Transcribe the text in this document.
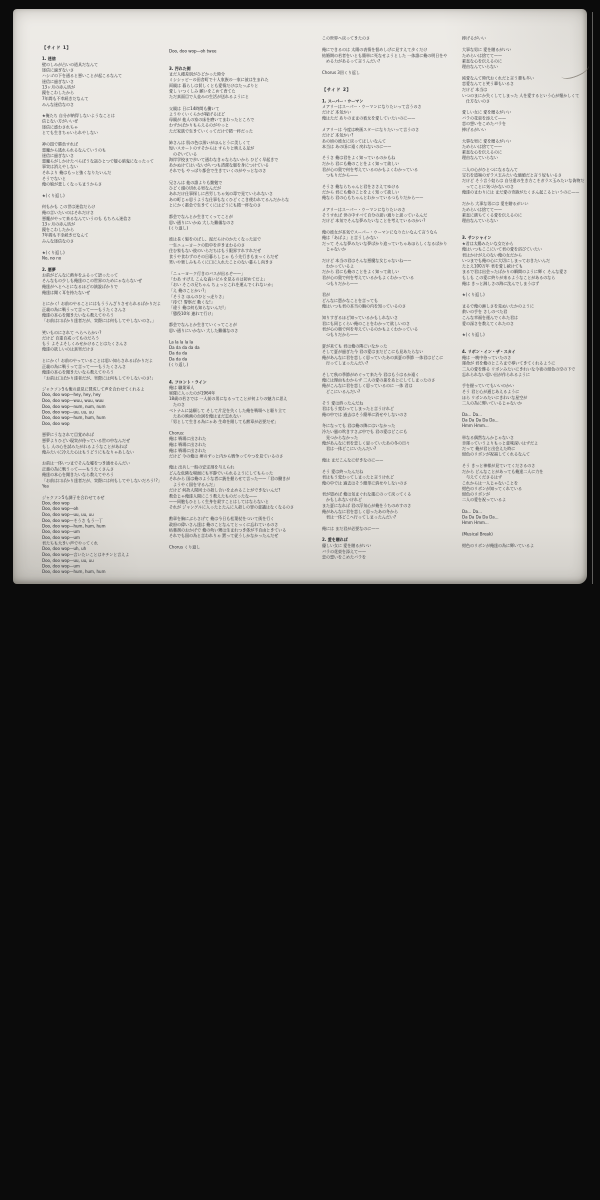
【サイド 1】

1. 迷信
壁のしみが占いの道具だなんて
迷信に過ぎないさ
ハシゴの下を通ると悪いことが起こるなんて
迷信に過ぎないさ
13ヶ月の赤ん坊が
鏡をこわしたから
7年間も不幸続きだなんて
みんな迷信なのさ

★俺たち 自分が納得しないようなことは
信じない方がいいぜ
迷信に惑わされちゃ
とても生きちゃいられやしない

神の国で勝負すれば
悪魔から逃れられるなんていうのも
迷信に過ぎないさ
悪魔らがしかけたべらぼうな話ひとつで疑心暗鬼になったって
事実は消えやしない
それより 俺はもっと強くなりたいんだ
そうでないと
俺の娘が悲しくなっちまうからさ

★(くり返し)

何もかも この世は迷信だらけ
俺の言いたいのはそれだけさ
悪魔がやって来るなんていうのも もちろん迷信さ
13ヶ月の赤ん坊が
鏡をこわしたから
7年間も不幸続きだなんて
みんな迷信なのさ

★(くり返し)
No, no no

2. 悪夢
お前がどんなに熱弁をふるって語ったって
そんなもの少しも俺達のこの世界のためにゃならないぜ
俺達がへとへとになるほどの演説ばかりで
俺達は聞く耳を持たないぜ

とにかく! お前のやることにはもううんざりさせられるばかりだよ
正義の為に戦うって言って——もうたくさんさ
俺達の本心を聞きたいなら教えてやろう
「お前は口ばかり達者だが、実際には何もしてやしないのさ。」

笑いものにされて へらへらかい?
だけど 自重自戒ってものだろう
もう よそよそしくみせかけることはたくさんさ
俺達の欲しいのは真実だけさ

とにかく! お前のやっていることは思い知らされるばかりだよ
正義の為に戦うって言って——もうたくさんさ
俺達の本心を聞きたいなら教えてやろう
「お前は口ばかり達者だが、実際には何もしてやしないのさ!」

ジャクソン5も俺の意見に賛成して声を合わせてくれるよ
Doo, doo wop—hey, hey, hey
Doo, doo wop—wuu, wuu, wuu
Doo, doo wop—num, num, num
Doo, doo wop—uu, uu, uu
Doo, doo wop—hum, hum, hum
Doo, doo wop

悪夢にうなされて目覚めれば
悪夢よりひどい現実が待っている世の中なんだぜ
もし 人の心を試みたがれるようなことがあれば
俺みたいに冷えた心はもうどうにもなりゃあしない

お前は一体いつまでそんな嘘をつき通せるんだい
正義の為に戦うって——もうたくさんさ
俺達の本心を聞きたいなら教えてやろう
「お前は口ばかり達者だが、実際には何もしてやしないだろう!?」
Yea

ジャクソン5も調子を合わせてるぜ
Doo, doo wop
Doo, doo wop—oh
Doo, doo wop—uu, uu, uu
Doo, doo wop—そうさ もう一丁
Doo, doo wop—hum, hum, hum
Doo, doo wop—um
Doo, doo wop—um
君たちも大きい声でやってくれ
Doo, doo wop—uh, uh
Doo, doo wop—言いたいことはキチンと言えよ
Doo, doo wop—uu, uu, uu
Doo, doo wop—um
Doo, doo wop—hum, hum, hum
Doo, doo wop—oh twee

3. 汚れた街
まだ人種差別がひどかった時分
ミシシッピーの田舎町で十人家族の一家に彼は生まれた
両親は 暮らしは貧しくとも愛情だけはたっぷりと
愛し いつくしみ 願いをこめて育てた
ただ真面目で人並みの生活が送れるようにと

父親は 日に14時間も働いて
ようやくいくらかが稼げるほど
母親が 他人の家の床を磨いてまわったところで
わずかばかりもらえるのがやっと
ただ家族で生きていくってだけで精一杯だった

姉さんは 肌の色は黒いがほんとうに美しくて
短いスカートのすそからは すらりと映える足が
　のぞいている
海岸学校まで歩いて通わなきゃならないから ひどく早起きで
あかぬけてはいないがいつも清潔な服を身につけている
それでも やっぱり都会で生きていくのがやっとなのさ

兄さんは 他の誰よりも勤勉で
ひどく頭の切れる男なんだが
あれだけ仕事探しに苦労しちゃ気の毒で見ていられないさ
あの町じゃ思うような仕事もなくひどくこき使われてるんだからな
とにかく都会で生きてくにはどうにも精一杯なのさ

都会でなんとか生きてくってことが
思い通りにいかぬ 大した難儀なのさ
(くり返し)

彼は長く髪をのばし、泥だらけのかたくなった足で
一生ニューヨークの街中を歩きまわるのさ
住む家もない彼のいらだちはもう限界すれすれだぜ
食うや食わずのその日暮らしじゃ もう先行きもまっくらだぜ
笑いや楽しみもろくに口に入れたことのない暮らし向きさ

「ニューヨーク行きのバスが出るぞ——」
「わあ すげえ こんな高いビルを見るのは初めてだよ」
「おい そこの兄ちゃん ちょっとこれを運んでくれないか」
「え 俺のことかい?」
「そうさ ほんのひとっ走りさ」
「待て! 警察だ 動くな!」
「違う 俺は何も知らないんだ!」
「懲役10年 連れて行け」

都会でなんとか生きていくってことが
思い通りにいかない 大した難儀なのさ

La la la la la
Da da da da da
Da da da
Da da da
(くり返し)

4. フロント・ライン
俺は 職業軍人
軍隊に入ったのが1964年
18歳の若さでは 一人前の男になるってことが何よりの魅力に思え
　たのさ
ベトナムに誌願して そして片足を失くした俺を戦場へと駆り立て
　たあの映画の台詞を俺はまだ忘れない
「男として生きる為にゃあ 生命を賭しても勲章が必要だぜ」

Chorus:
俺は 戦場に出された
俺は 戦場に出された
俺は 戦場に出された
だけど 今の俺は 塀のずっと内から戦争ってやつを見ているのさ

俺は 出兵し一般の安定剤を与えられ
どんな危険な場面にも平静でいられるようにしてもらった
それから 国は俺のような者に銃を握らせて言った——「君の働きが
　ようやく国を守るんだ」
だけど 何故人間同士の殺し合いを止めることができないんだ?
教会じゃ俺達人間にこう教えたものだったな——
——同胞もひとしく生身を殺すことはしてはならないと
それが ジャングルに入ったとたんに人殺しの罪の意識はなくなるのさ

勲章を胸にぶらさげて 俺は今日も松葉杖をついて街を行く
政府の偉いさん達は 俺のことなんてとっくに忘れているのさ
枯葉剤のおかげで 俺の幼い甥は生まれつき体が不自由ときている
それでも国の為と言われりゃ 黙って従うしかなかったんだぜ

Chorus くり返し
この世界へ戻ってきたのさ

俺にできるのは 太陽の表情を恨めしげに見すえて歩くだけ
結婚期の若者をいとも簡単に死なせようとした 一体誰に俺の明日をや
　める力があるって言うんだい?

Chorus 3回くり返し

【サイド 2】

1. スーパー・ウーマン
メアリーはスーパー・ウーマンになりたいって言うのさ
だけど 本気かい
俺はただ ありのままの彼女を愛していたいのに——

メアリーは 今度は映画スターになりたいって言うのさ
だけど 本気かい?
あの頃の彼女に戻ってほしいなんて
本当は あの頃に遠く戻れないのに——

そうさ 俺は君をよく知っているのかもね
だから 君にも俺のことをよく知って欲しい
君が心の奥で何を考えているのかもよくわかっている
　つもりだから——

そうさ 俺ならちゃんと君をささえてゆける
だから 君にも俺のことをよく知って欲しい
俺なら 君の心もちゃんとわかっているつもりだから——

メアリーはスーパー・ウーマンになりたいのさ
そうすれば 世の中すべて自分の思い通りと思っているんだ
だけど 本気でそんな夢みたいなことを考えているのかい?

俺の彼女が本気でスーパー・ウーマンになりたいなんて言うなら
俺は「あばよ」と言うしかない
だって そんな夢みたいな夢ばかり追っていちゃあほらしくなるばかり
　じゃないか

だけど 本当の君はそんな悪魔な女じゃないね——
　わかっているよ
だから 君にも俺のことをよく知って欲しい
君が心の奥で何を考えているかもよくわかっている
　つもりだから——

君が
どんなに愚かなことを言っても
俺はいつも君の本当の胸の内を知っているのさ

知りすぎるほど知っているかもしれないさ
君にも同じくらい俺のことをわかって欲しいのさ
君が心の奥で何を考えているのかもよくわかっている
　つもりだから——

夏が来ても 君は俺の隣にいなかった
そして夏が過ぎた今 君の愛はまだどこにも見あたらない
俺があんなに君を恋しく思っていたあの真夏の季節 一体君はどこに
　行ってしまったんだい?

そして秋の季節がめぐって来た今 君はもうはるか遠く
俺には理由もわからず 二人の愛の巣をあとにしてしまったのさ
俺がこんなに君を恋しく思っているのに 一体 君は
　どこにいるんだい?

そう 愛は終ったんだね
君はもう変わってしまったと言うけれど
俺の中では 過去はそう簡単に消せやしないのさ

冬になっても 君は俺の隣にはいなかった
冷たい風の吹きすさぶ中でも 君の愛はどこにも
　見つからなかった
俺があんなに君を恋しく思っていたあの冬の日々
　君は一体どこにいたんだい?

俺は まだこんなに好きなのに——

そう 愛は終ったんだね
君はもう変わってしまったと言うけれど
俺の中では 過去はそう簡単に消せやしないのさ

君が望めば 俺は気まぐれな風にのって戻ってくる
　かもしれないけれど
また夏になれば 君の浮気心が俺をうちのめすのさ
俺があんなに君を恋しく思ったあの冬から
　君は一体どこへ行ってしまったんだい?

俺には まだ君が必要なのに——

2. 愛を贈れば
優しい女に 愛を贈るがいい
バラの花束を添えて——
恋の想いをこめたバラを
捧げるがいい

大事な男に 愛を贈るがいい
ためらいは捨てて——
素直な心を伝えるのに
理由なんていらない

純愛なんて時代おくれだと言う輩も多い
恋愛なんてと笑う輩もいるさ
だけど 本当は
いつのまにか失くしてしまった 人を愛するという心が懐かしくて
　仕方ないのさ

愛しい女に 愛を贈るがいい
バラの花束を添えて——
恋の想いをこめたバラを
捧げるがいい

大事な男に 愛を贈るがいい
ためらいは捨てて——
素直な心を伝えるのに
理由なんていらない

二人の心がひとつになるなんて
宝石を道端のガラス玉みたいな価値だと言う奴もいるさ
だけど そう言う奴らは 自分達の生き方こそガラス玉みたいな偽物だ
　ってことに気づかないのさ
俺達のまわりには まだ愛の奇跡がたくさん起こるというのに——

だから 大事な男には 愛を贈るがいい
ためらいは捨てて——
素直に満ちてくる愛を伝えるのに
理由なんていらない

3. サンシャイン
★君は太陽みたいな女だから
俺はいつもここにいて君の愛を浴びていたい
君はかけがえのない俺の女だから
いつまでも俺の心に大切にしまっておきたいんだ
たとえ100万年 君を愛し続けても
まるで君は出会ったばかりの瞬間のように輝く そんな愛さ
もしも この愛に終りが来るようなことがあるのなら
俺は きっと淋しさの海に沈んでしまうはず

★(くり返し)

まるで俺の淋しさを見ぬいたかのように
救いの手を さしのべた君
こんな幸福を運んでくれた君は
愛の深さを教えてくれたのさ

★(くり返し)

4. リボン・イン・ザ・スカイ
俺は 一晩中待っていたのさ
運命が 君を俺のところまで導いてきてくれるように
二人の愛を飾る リボンみたいにきれいな今夜の紺色の空の下で
忘れられない思い出が作られるように

手を握っていてもいいのかい
そう 君と心が通じあえるように
ほら リボンみたいにきれいな星空が
二人の為に輝いているじゃないか

Da... Da...
Da Da Da Da Da...
Hmm Hmm...

単なる偶然なんかじゃないさ
幸運っていうよりもっと意味深いはずだよ
だって 俺が君と出会えた時に
紺色のリボンが祝福してくれるなんて

そう きっと神様が見ていてくださるのさ
だから どんなことがあっても俺達二人に力を
　与えてくださるはず
これからは一人じゃないことを
紺色のリボンが知ってくれている
紺色のリボンが
二人の愛を祝っているよ

Da... Da...
Da Da Da Da Da...
Hmm Hmm...

(Musical Break)

紺色のリボンが俺達の為に輝いているよ
